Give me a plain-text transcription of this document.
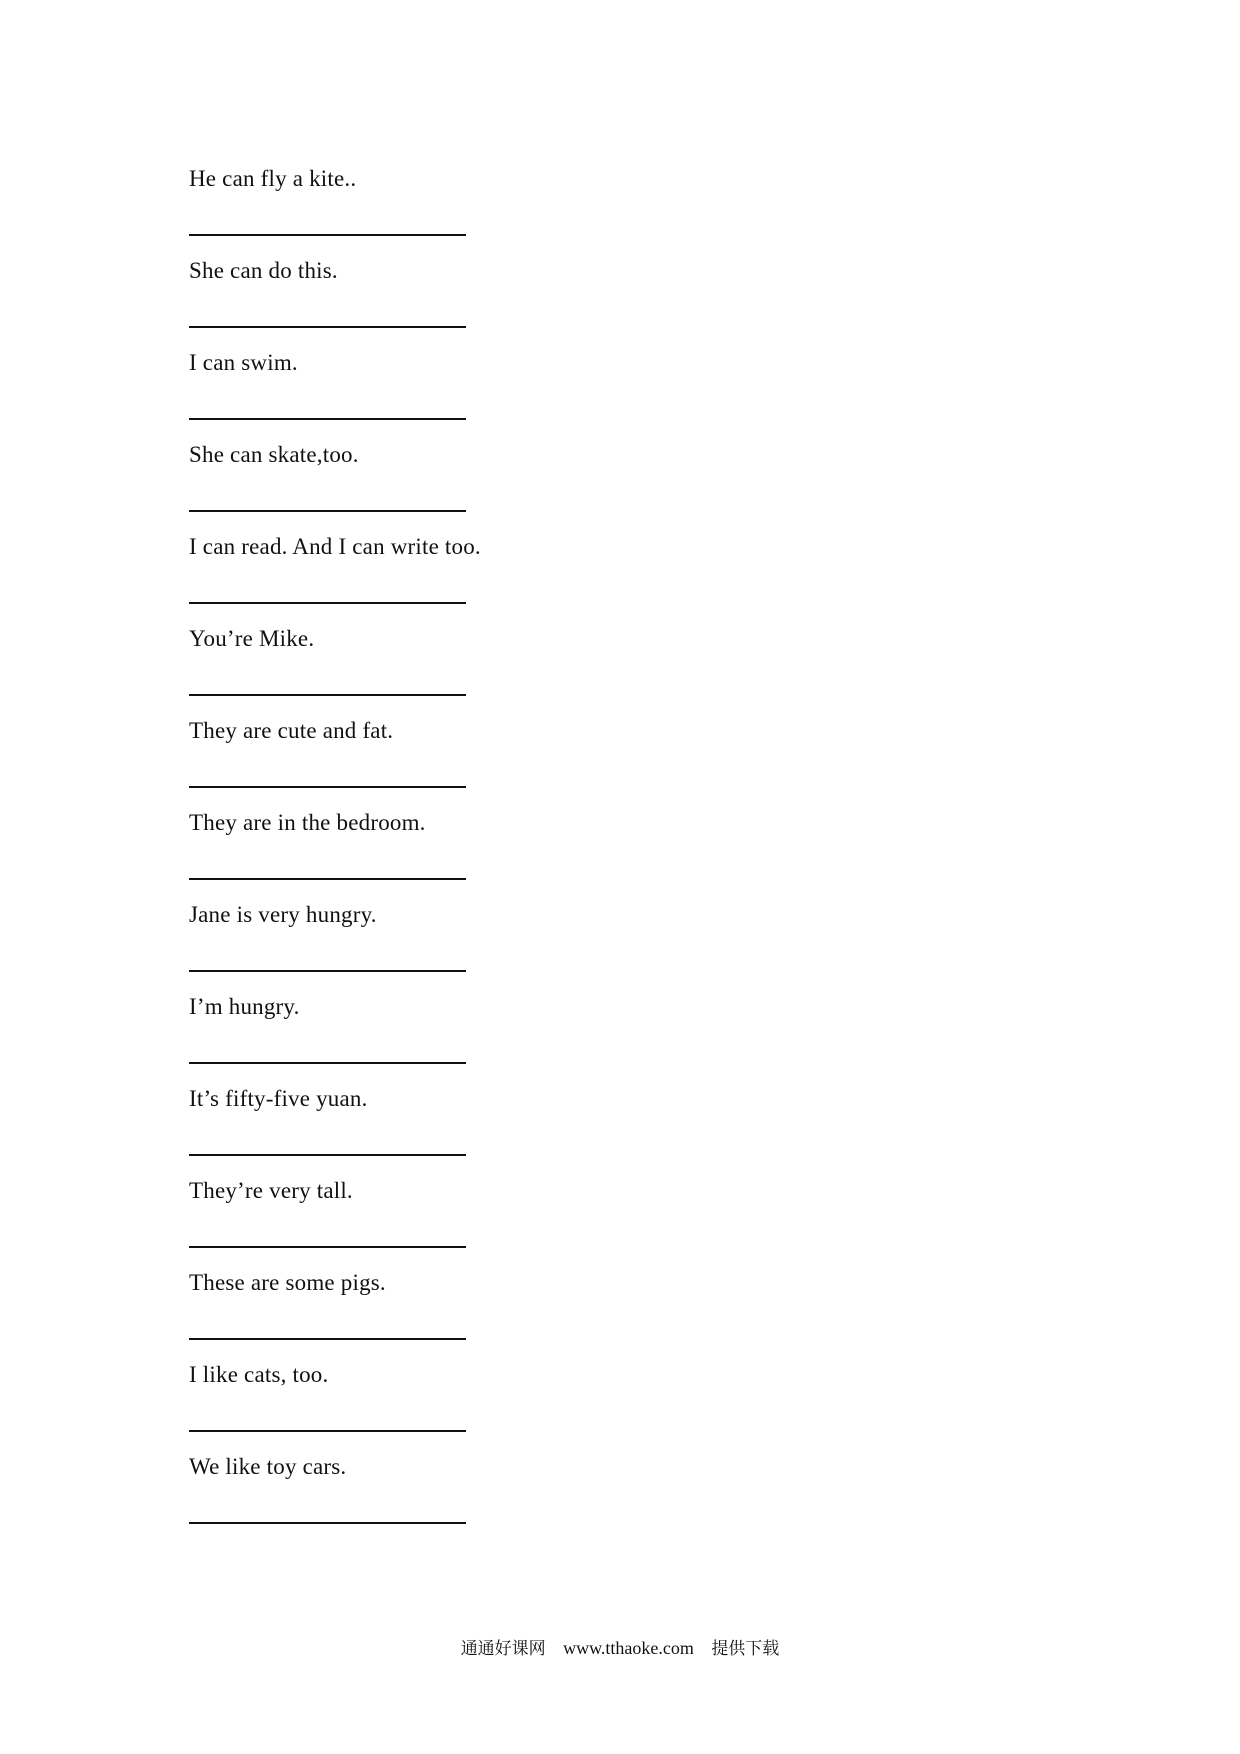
He can fly a kite..
She can do this.
I can swim.
She can skate,too.
I can read. And I can write too.
You’re Mike.
They are cute and fat.
They are in the bedroom.
Jane is very hungry.
I’m hungry.
It’s fifty-five yuan.
They’re very tall.
These are some pigs.
I like cats, too.
We like toy cars.
通通好课网 www.tthaoke.com 提供下载
